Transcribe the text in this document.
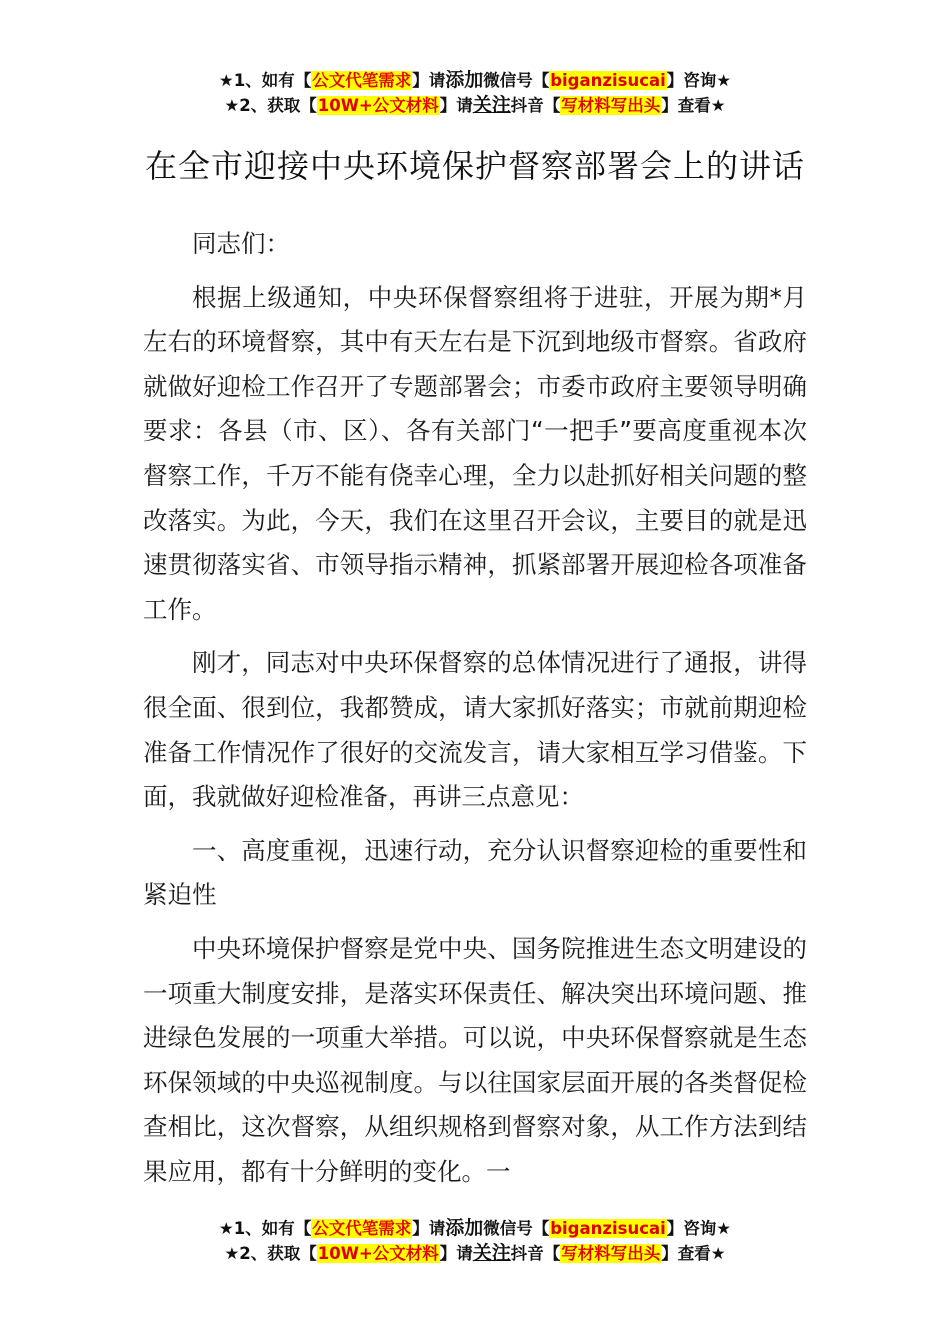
★1、如有【公文代笔需求】请添加微信号【biganzisucai】咨询★
★2、获取【10W+公文材料】请关注抖音【写材料写出头】查看★
在全市迎接中央环境保护督察部署会上的讲话

同志们：

根据上级通知，中央环保督察组将于进驻，开展为期*月左右的环境督察，其中有天左右是下沉到地级市督察。省政府就做好迎检工作召开了专题部署会；市委市政府主要领导明确要求：各县（市、区）、各有关部门“一把手”要高度重视本次督察工作，千万不能有侥幸心理，全力以赴抓好相关问题的整改落实。为此，今天，我们在这里召开会议，主要目的就是迅速贯彻落实省、市领导指示精神，抓紧部署开展迎检各项准备工作。

刚才，同志对中央环保督察的总体情况进行了通报，讲得很全面、很到位，我都赞成，请大家抓好落实；市就前期迎检准备工作情况作了很好的交流发言，请大家相互学习借鉴。下面，我就做好迎检准备，再讲三点意见：

一、高度重视，迅速行动，充分认识督察迎检的重要性和紧迫性

中央环境保护督察是党中央、国务院推进生态文明建设的一项重大制度安排，是落实环保责任、解决突出环境问题、推进绿色发展的一项重大举措。可以说，中央环保督察就是生态环保领域的中央巡视制度。与以往国家层面开展的各类督促检查相比，这次督察，从组织规格到督察对象，从工作方法到结果应用，都有十分鲜明的变化。一

★1、如有【公文代笔需求】请添加微信号【biganzisucai】咨询★
★2、获取【10W+公文材料】请关注抖音【写材料写出头】查看★
